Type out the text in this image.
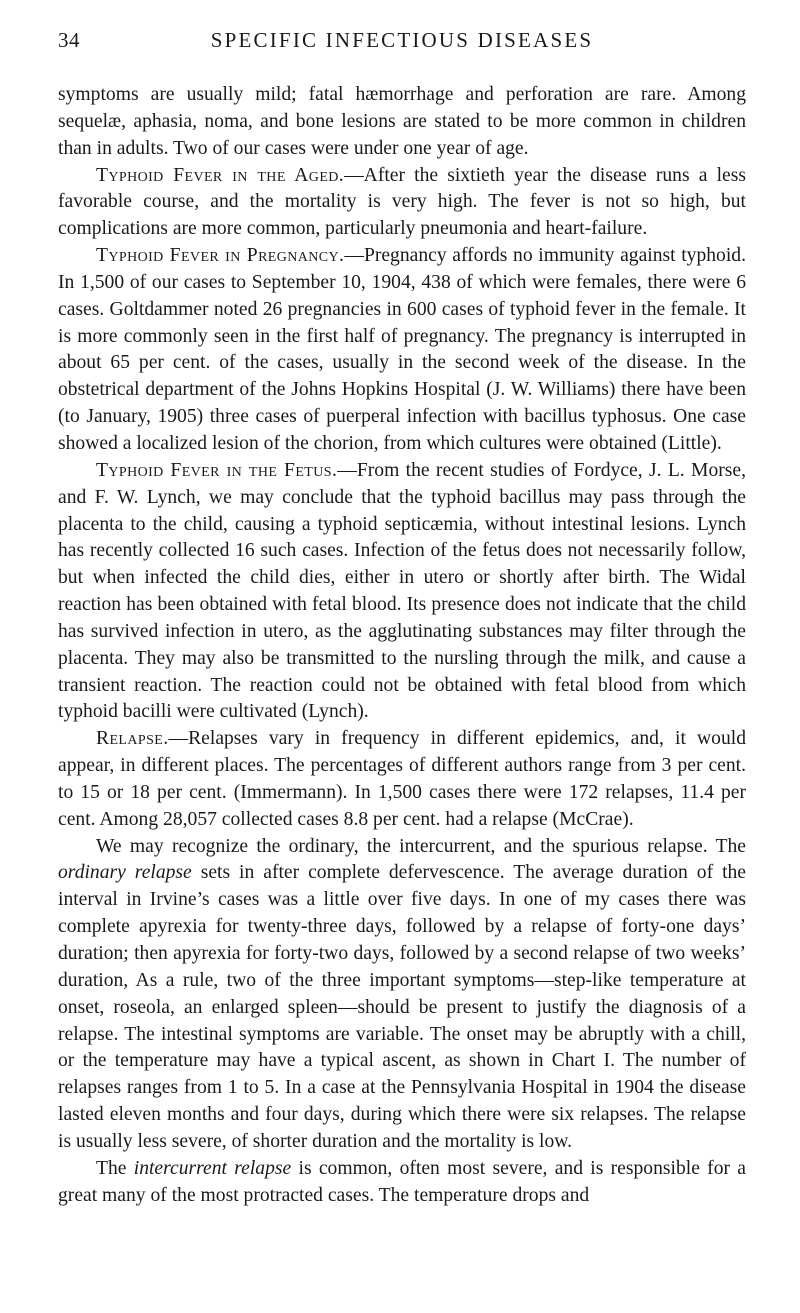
34	SPECIFIC INFECTIOUS DISEASES

symptoms are usually mild; fatal hæmorrhage and perforation are rare. Among sequelæ, aphasia, noma, and bone lesions are stated to be more common in children than in adults. Two of our cases were under one year of age.

Typhoid Fever in the Aged.—After the sixtieth year the disease runs a less favorable course, and the mortality is very high. The fever is not so high, but complications are more common, particularly pneumonia and heart-failure.

Typhoid Fever in Pregnancy.—Pregnancy affords no immunity against typhoid. In 1,500 of our cases to September 10, 1904, 438 of which were females, there were 6 cases. Goltdammer noted 26 pregnancies in 600 cases of typhoid fever in the female. It is more commonly seen in the first half of pregnancy. The pregnancy is interrupted in about 65 per cent. of the cases, usually in the second week of the disease. In the obstetrical department of the Johns Hopkins Hospital (J. W. Williams) there have been (to January, 1905) three cases of puerperal infection with bacillus typhosus. One case showed a localized lesion of the chorion, from which cultures were obtained (Little).

Typhoid Fever in the Fetus.—From the recent studies of Fordyce, J. L. Morse, and F. W. Lynch, we may conclude that the typhoid bacillus may pass through the placenta to the child, causing a typhoid septicæmia, without intestinal lesions. Lynch has recently collected 16 such cases. Infection of the fetus does not necessarily follow, but when infected the child dies, either in utero or shortly after birth. The Widal reaction has been obtained with fetal blood. Its presence does not indicate that the child has survived infection in utero, as the agglutinating substances may filter through the placenta. They may also be transmitted to the nursling through the milk, and cause a transient reaction. The reaction could not be obtained with fetal blood from which typhoid bacilli were cultivated (Lynch).

Relapse.—Relapses vary in frequency in different epidemics, and, it would appear, in different places. The percentages of different authors range from 3 per cent. to 15 or 18 per cent. (Immermann). In 1,500 cases there were 172 relapses, 11.4 per cent. Among 28,057 collected cases 8.8 per cent. had a relapse (McCrae).

We may recognize the ordinary, the intercurrent, and the spurious relapse. The ordinary relapse sets in after complete defervescence. The average duration of the interval in Irvine’s cases was a little over five days. In one of my cases there was complete apyrexia for twenty-three days, followed by a relapse of forty-one days’ duration; then apyrexia for forty-two days, followed by a second relapse of two weeks’ duration, As a rule, two of the three important symptoms—step-like temperature at onset, roseola, an enlarged spleen—should be present to justify the diagnosis of a relapse. The intestinal symptoms are variable. The onset may be abruptly with a chill, or the temperature may have a typical ascent, as shown in Chart I. The number of relapses ranges from 1 to 5. In a case at the Pennsylvania Hospital in 1904 the disease lasted eleven months and four days, during which there were six relapses. The relapse is usually less severe, of shorter duration and the mortality is low.

The intercurrent relapse is common, often most severe, and is responsible for a great many of the most protracted cases. The temperature drops and
